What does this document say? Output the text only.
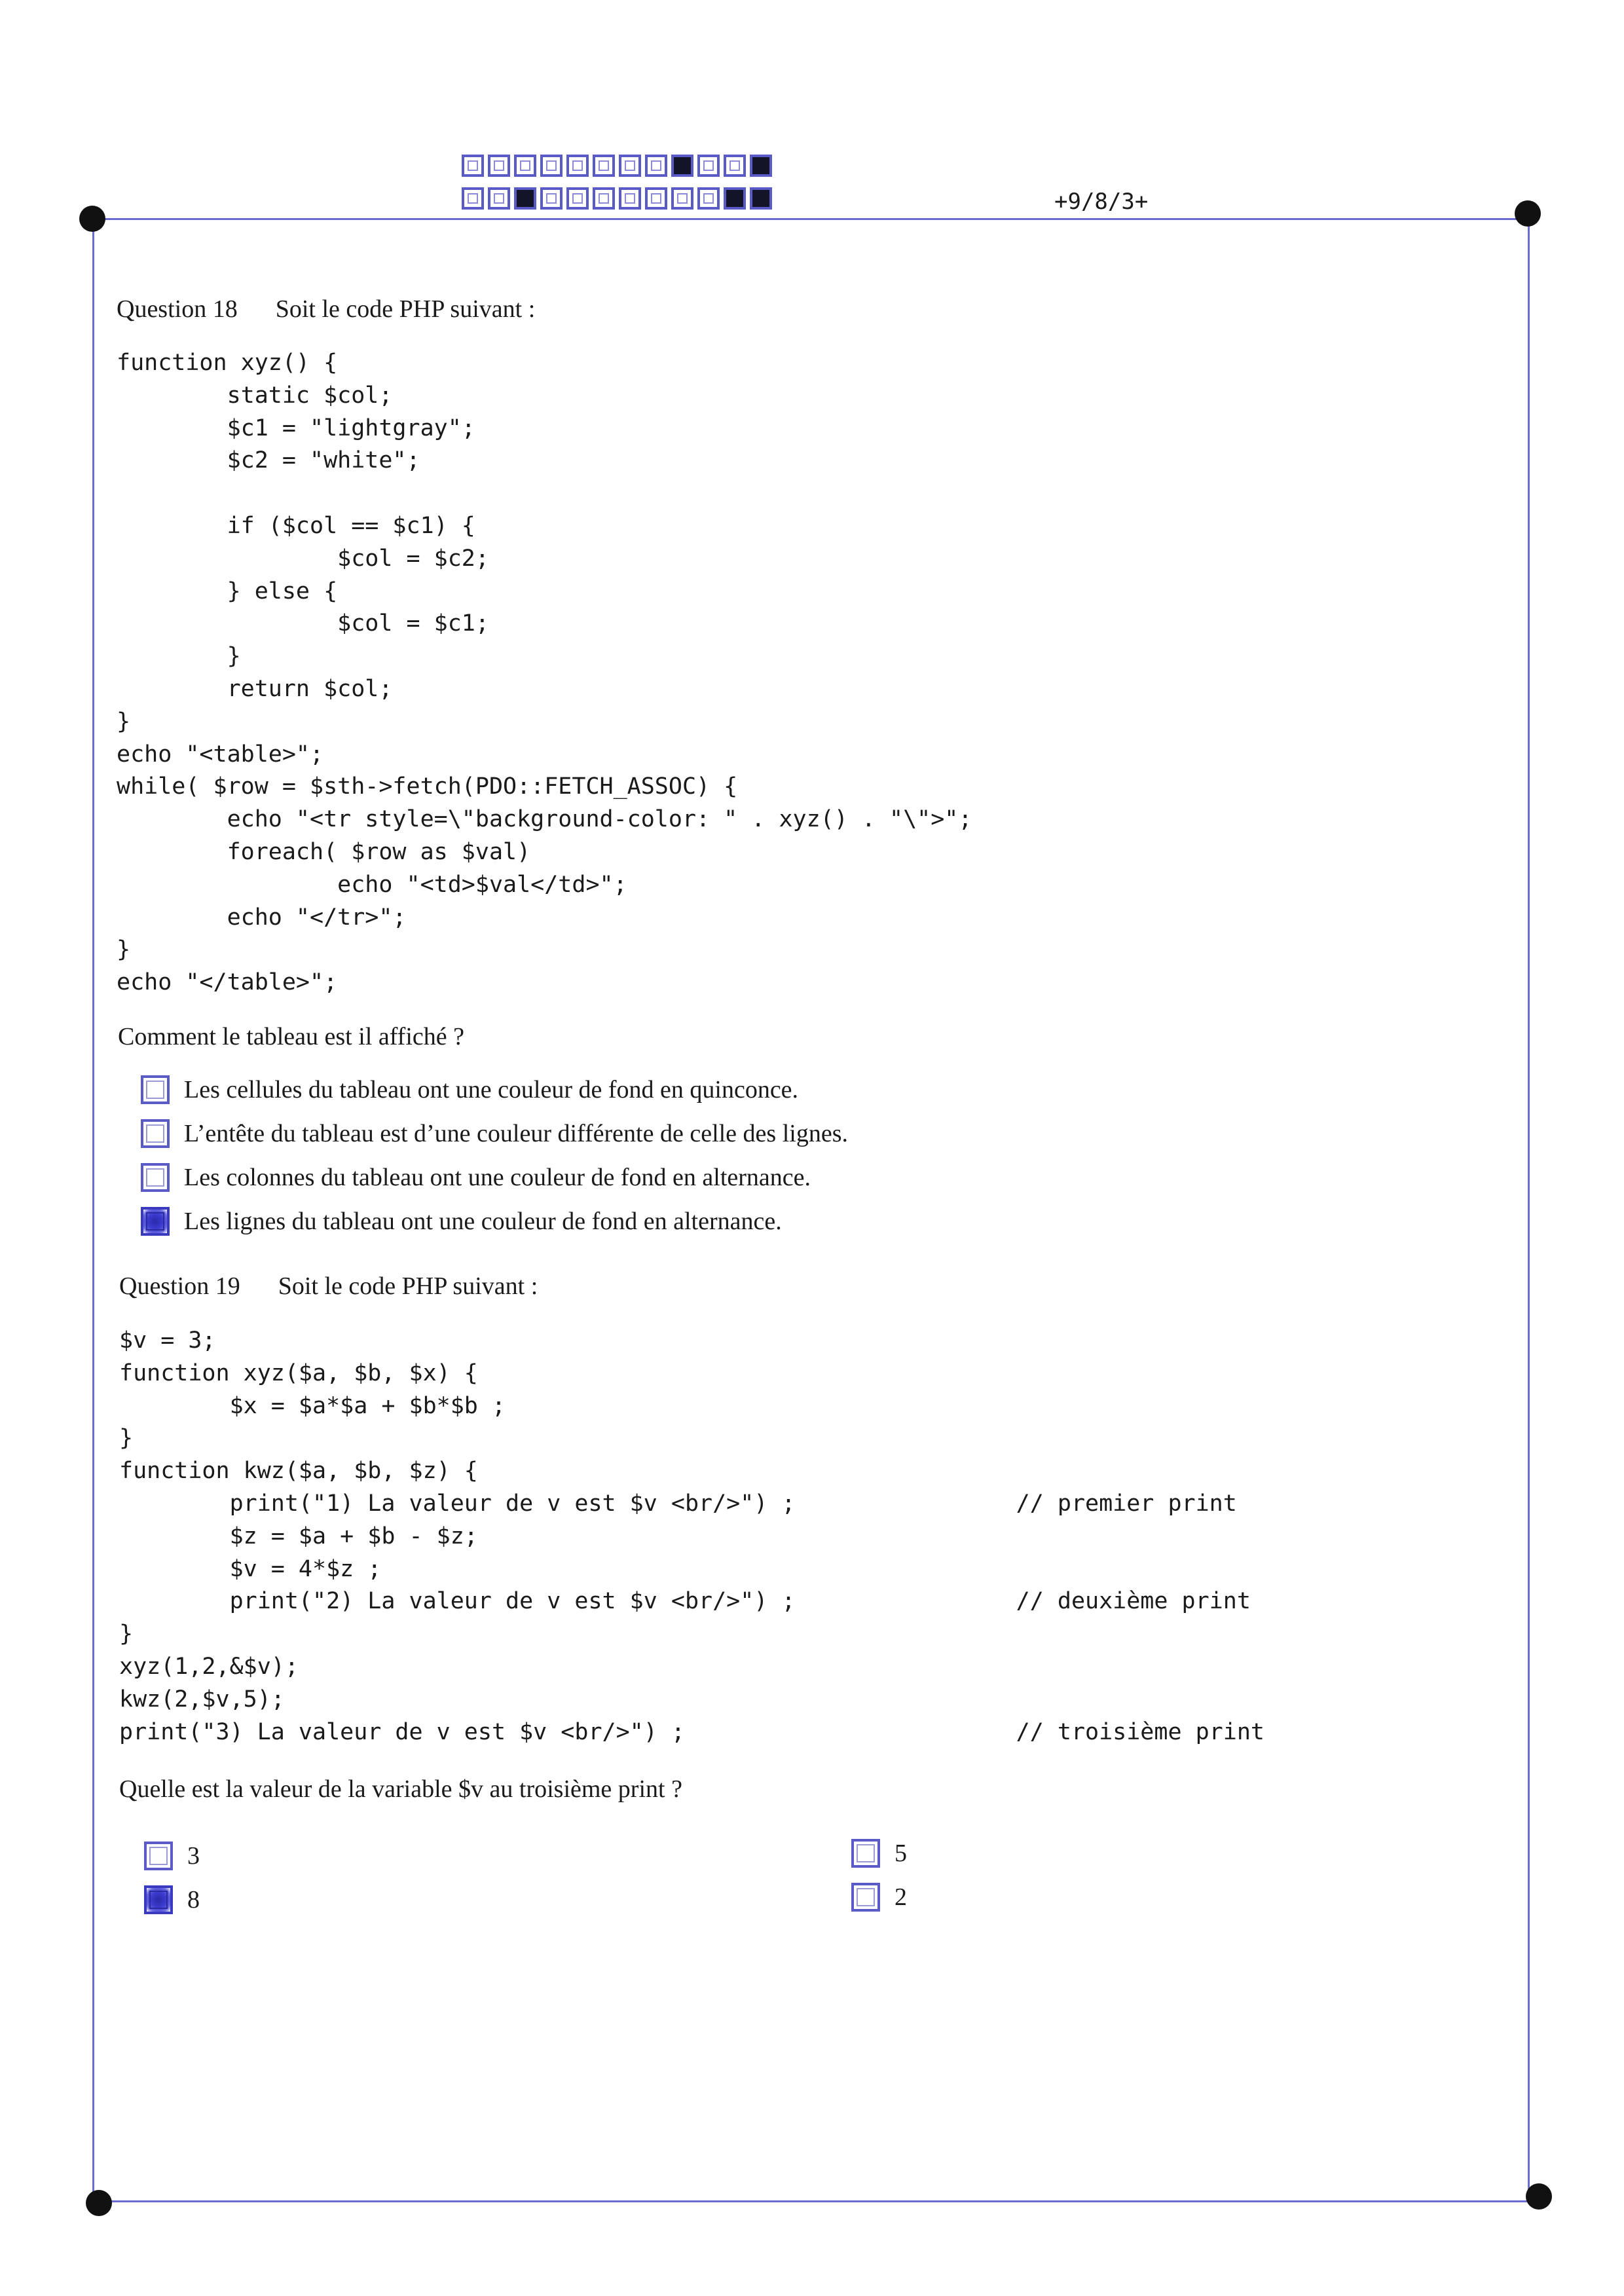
+9/8/3+
Question 18 Soit le code PHP suivant :
function xyz() {
static $col;
$c1 = "lightgray";
$c2 = "white";

if ($col == $c1) {
$col = $c2;
} else {
$col = $c1;
}
return $col;
}
echo "<table>";
while( $row = $sth->fetch(PDO::FETCH_ASSOC) {
echo "<tr style=\"background-color: " . xyz() . "\">";
foreach( $row as $val)
echo "<td>$val</td>";
echo "</tr>";
}
echo "</table>";
Comment le tableau est il affiché ?
Les cellules du tableau ont une couleur de fond en quinconce.
L’entête du tableau est d’une couleur différente de celle des lignes.
Les colonnes du tableau ont une couleur de fond en alternance.
Les lignes du tableau ont une couleur de fond en alternance.
Question 19 Soit le code PHP suivant :
$v = 3;
function xyz($a, $b, $x) {
$x = $a*$a + $b*$b ;
}
function kwz($a, $b, $z) {
print("1) La valeur de v est $v <br/>") ;                // premier print
$z = $a + $b - $z;
$v = 4*$z ;
print("2) La valeur de v est $v <br/>") ;                // deuxième print
}
xyz(1,2,&$v);
kwz(2,$v,5);
print("3) La valeur de v est $v <br/>") ;                        // troisième print
Quelle est la valeur de la variable $v au troisième print ?
3
8
5
2
